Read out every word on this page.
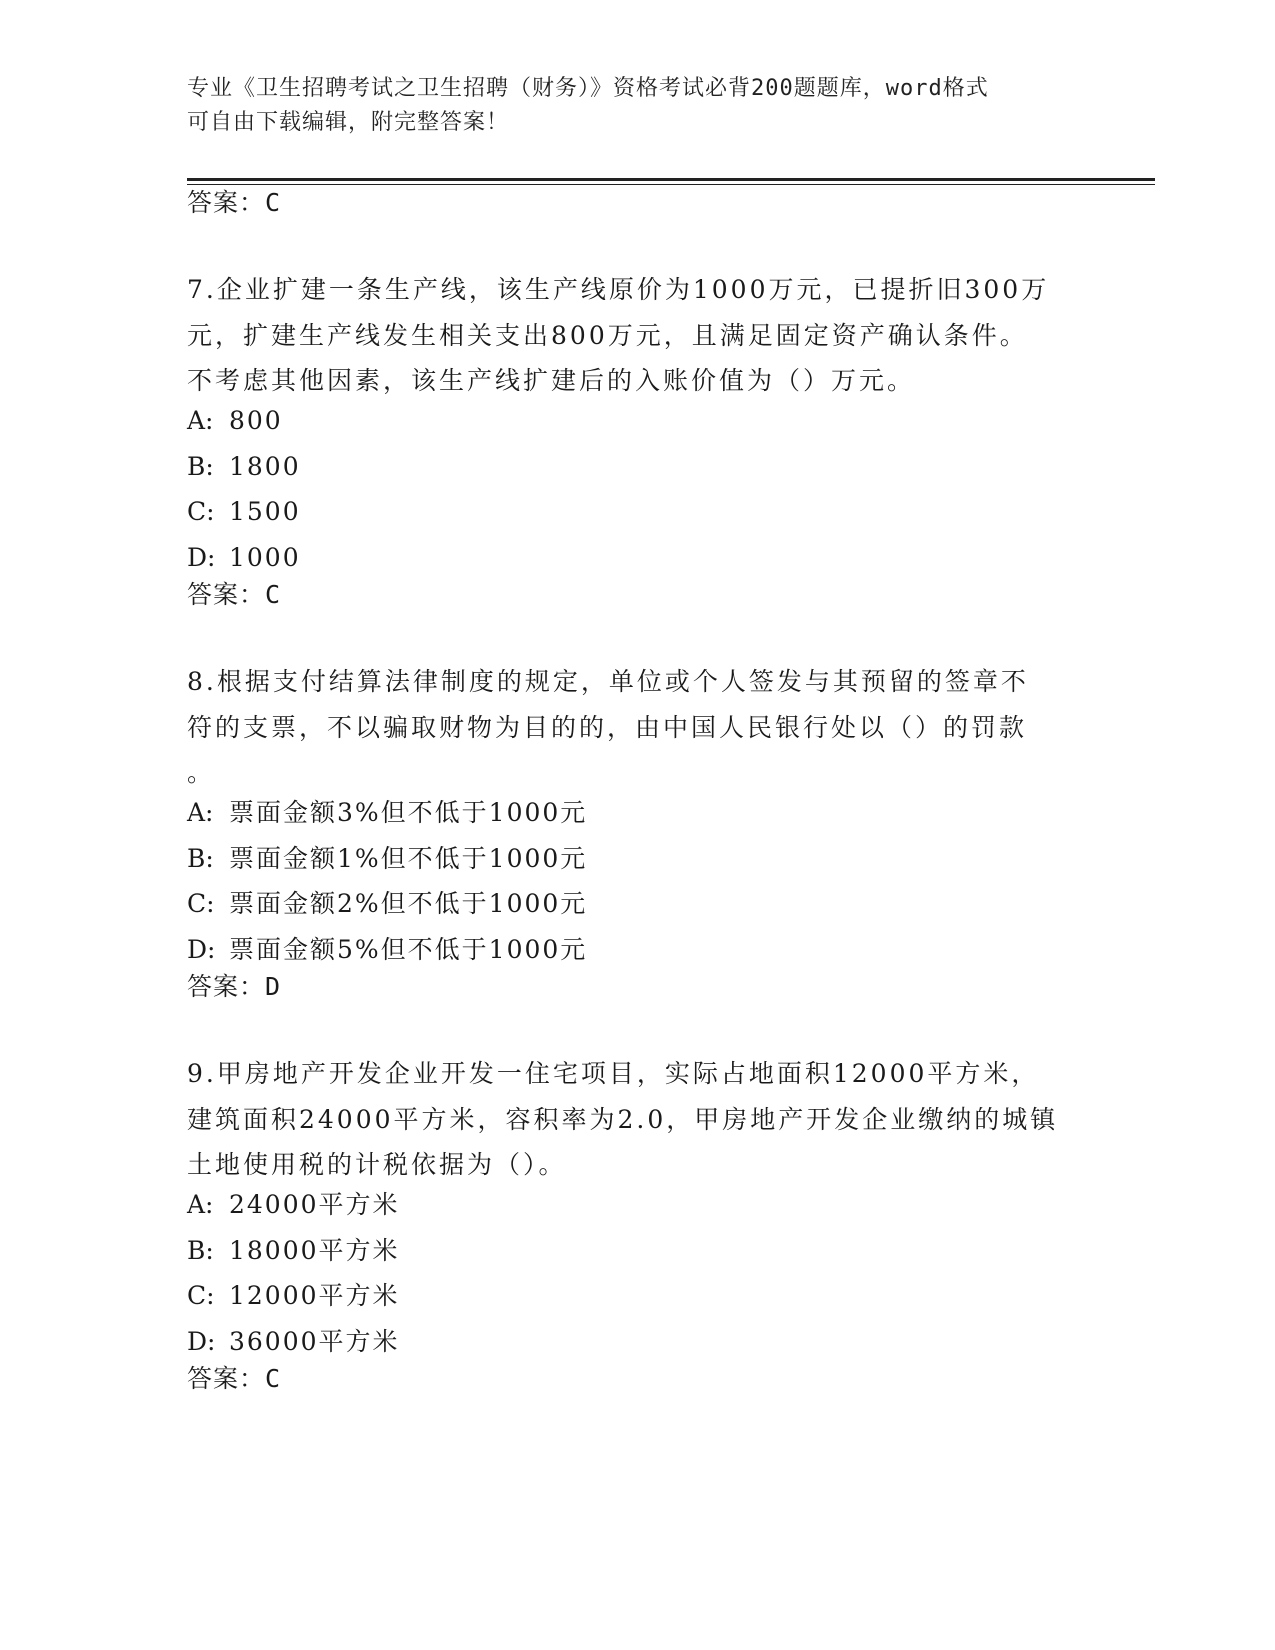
专业《卫生招聘考试之卫生招聘（财务）》资格考试必背200题题库，word格式
可自由下载编辑，附完整答案！
答案：C
7.企业扩建一条生产线，该生产线原价为1000万元，已提折旧300万
元，扩建生产线发生相关支出800万元，且满足固定资产确认条件。
不考虑其他因素，该生产线扩建后的入账价值为（）万元。
A: 800
B: 1800
C: 1500
D: 1000
答案：C
8.根据支付结算法律制度的规定，单位或个人签发与其预留的签章不
符的支票，不以骗取财物为目的的，由中国人民银行处以（）的罚款
。
A: 票面金额3%但不低于1000元
B: 票面金额1%但不低于1000元
C: 票面金额2%但不低于1000元
D: 票面金额5%但不低于1000元
答案：D
9.甲房地产开发企业开发一住宅项目，实际占地面积12000平方米，
建筑面积24000平方米，容积率为2.0，甲房地产开发企业缴纳的城镇
土地使用税的计税依据为（）。
A: 24000平方米
B: 18000平方米
C: 12000平方米
D: 36000平方米
答案：C
